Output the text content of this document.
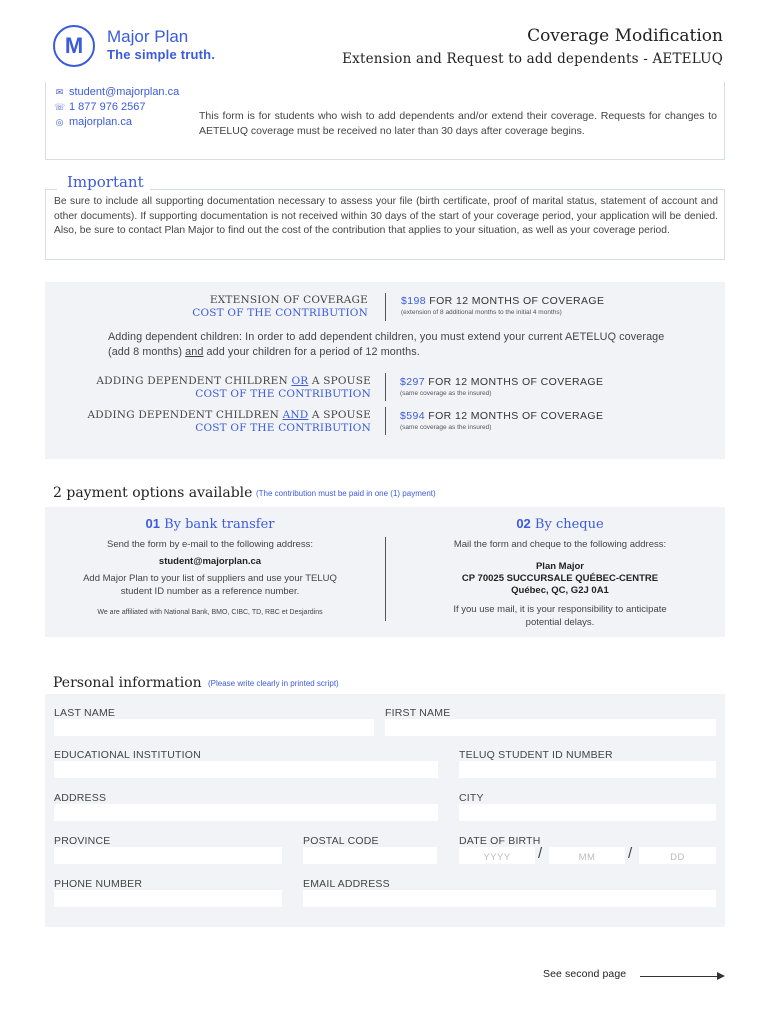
M Major Plan
The simple truth.
Coverage Modification
Extension and Request to add dependents - AETELUQ
✉ student@majorplan.ca
☏ 1 877 976 2567
◎ majorplan.ca	This form is for students who wish to add dependents and/or extend their coverage. Requests for changes to AETELUQ coverage must be received no later than 30 days after coverage begins.
Important
Be sure to include all supporting documentation necessary to assess your file (birth certificate, proof of marital status, statement of account and other documents). If supporting documentation is not received within 30 days of the start of your coverage period, your application will be denied. Also, be sure to contact Plan Major to find out the cost of the contribution that applies to your situation, as well as your coverage period.
EXTENSION OF COVERAGE
COST OF THE CONTRIBUTION
$198 FOR 12 MONTHS OF COVERAGE
(extension of 8 additional months to the initial 4 months)
Adding dependent children: In order to add dependent children, you must extend your current AETELUQ coverage (add 8 months) and add your children for a period of 12 months.
ADDING DEPENDENT CHILDREN OR A SPOUSE
COST OF THE CONTRIBUTION
$297 FOR 12 MONTHS OF COVERAGE
(same coverage as the insured)
ADDING DEPENDENT CHILDREN AND A SPOUSE
COST OF THE CONTRIBUTION
$594 FOR 12 MONTHS OF COVERAGE
(same coverage as the insured)
2 payment options available (The contribution must be paid in one (1) payment)
01 By bank transfer
Send the form by e-mail to the following address:
student@majorplan.ca
Add Major Plan to your list of suppliers and use your TELUQ student ID number as a reference number.
We are affiliated with National Bank, BMO, CIBC, TD, RBC et Desjardins
02 By cheque
Mail the form and cheque to the following address:
Plan Major
CP 70025 SUCCURSALE QUÉBEC-CENTRE
Québec, QC, G2J 0A1
If you use mail, it is your responsibility to anticipate potential delays.
Personal information (Please write clearly in printed script)
LAST NAME	FIRST NAME
EDUCATIONAL INSTITUTION	TELUQ STUDENT ID NUMBER
ADDRESS	CITY
PROVINCE	POSTAL CODE	DATE OF BIRTH
YYYY	/	MM	/	DD
PHONE NUMBER	EMAIL ADDRESS
See second page
